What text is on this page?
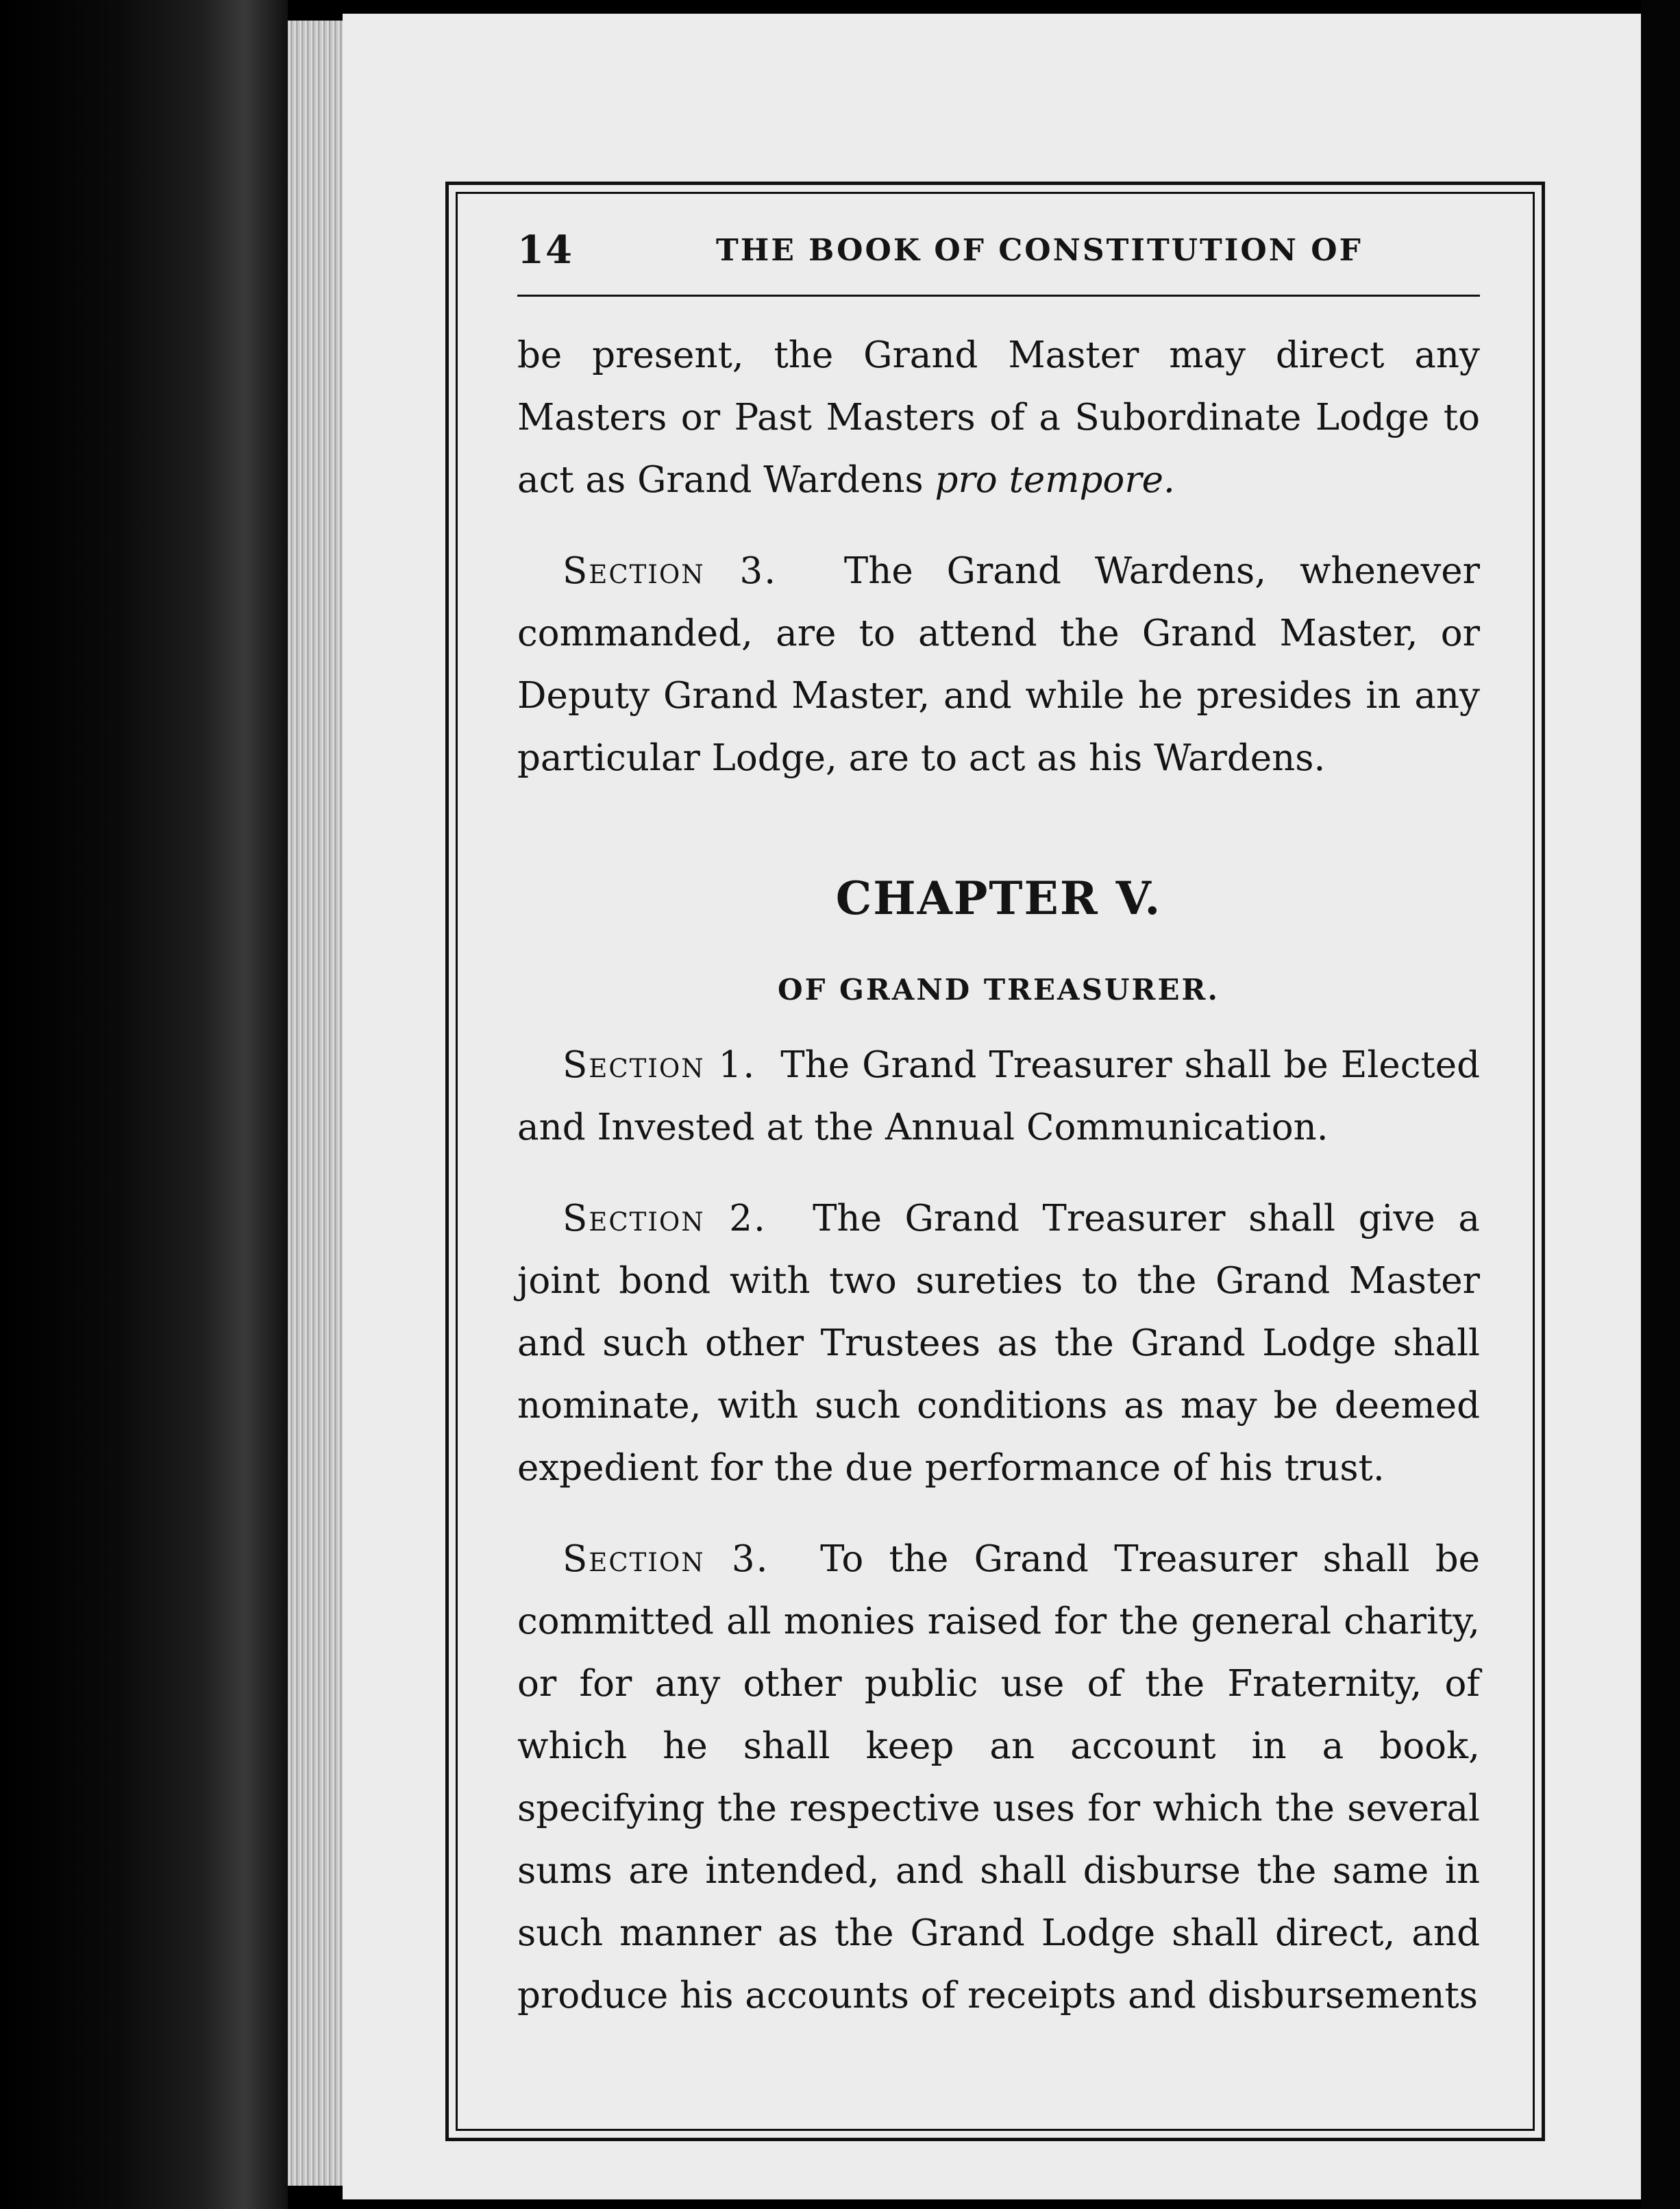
14	THE BOOK OF CONSTITUTION OF

be present, the Grand Master may direct any Masters or Past Masters of a Subordinate Lodge to act as Grand Wardens pro tempore.

Section 3. The Grand Wardens, whenever commanded, are to attend the Grand Master, or Deputy Grand Master, and while he presides in any particular Lodge, are to act as his Wardens.

CHAPTER V.
OF GRAND TREASURER.

Section 1. The Grand Treasurer shall be Elected and Invested at the Annual Communication.

Section 2. The Grand Treasurer shall give a joint bond with two sureties to the Grand Master and such other Trustees as the Grand Lodge shall nominate, with such conditions as may be deemed expedient for the due performance of his trust.

Section 3. To the Grand Treasurer shall be committed all monies raised for the general charity, or for any other public use of the Fraternity, of which he shall keep an account in a book, specifying the respective uses for which the several sums are intended, and shall disburse the same in such manner as the Grand Lodge shall direct, and produce his accounts of receipts and disbursements
